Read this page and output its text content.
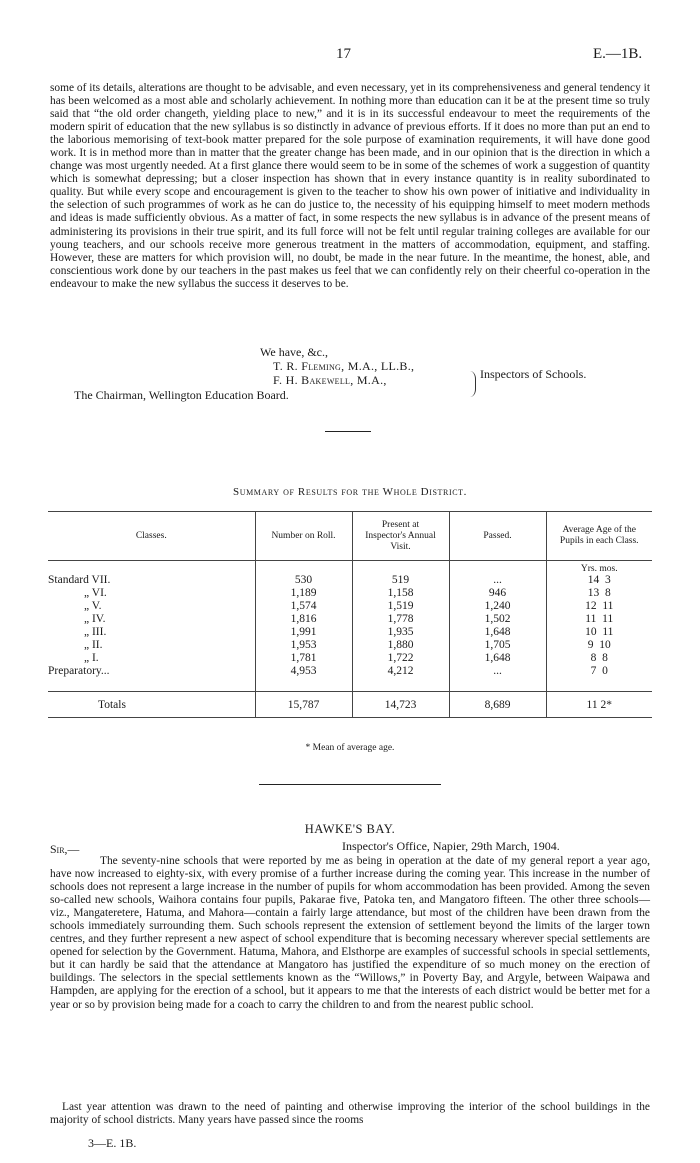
17	E.—1B.

some of its details, alterations are thought to be advisable, and even necessary, yet in its comprehensiveness and general tendency it has been welcomed as a most able and scholarly achievement. In nothing more than education can it be at the present time so truly said that “the old order changeth, yielding place to new,” and it is in its successful endeavour to meet the requirements of the modern spirit of education that the new syllabus is so distinctly in advance of previous efforts. If it does no more than put an end to the laborious memorising of text-book matter prepared for the sole purpose of examination requirements, it will have done good work. It is in method more than in matter that the greater change has been made, and in our opinion that is the direction in which a change was most urgently needed. At a first glance there would seem to be in some of the schemes of work a suggestion of quantity which is somewhat depressing; but a closer inspection has shown that in every instance quantity is in reality subordinated to quality. But while every scope and encouragement is given to the teacher to show his own power of initiative and individuality in the selection of such programmes of work as he can do justice to, the necessity of his equipping himself to meet modern methods and ideas is made sufficiently obvious. As a matter of fact, in some respects the new syllabus is in advance of the present means of administering its provisions in their true spirit, and its full force will not be felt until regular training colleges are available for our young teachers, and our schools receive more generous treatment in the matters of accommodation, equipment, and staffing. However, these are matters for which provision will, no doubt, be made in the near future. In the meantime, the honest, able, and conscientious work done by our teachers in the past makes us feel that we can confidently rely on their cheerful co-operation in the endeavour to make the new syllabus the success it deserves to be.

We have, &c.,
T. R. Fleming, M.A., LL.B.,
F. H. Bakewell, M.A.,	Inspectors of Schools.
The Chairman, Wellington Education Board.
Summary of Results for the Whole District.
Classes.	Number on Roll.	Present at Inspector's Annual Visit.	Passed.	Average Age of the Pupils in each Class.
				Yrs. mos.
Standard VII.	530	519	...	14 3
„ VI.	1,189	1,158	946	13 8
„ V.	1,574	1,519	1,240	12 11
„ IV.	1,816	1,778	1,502	11 11
„ III.	1,991	1,935	1,648	10 11
„ II.	1,953	1,880	1,705	9 10
„ I.	1,781	1,722	1,648	8 8
Preparatory...	4,953	4,212	...	7 0

Totals	15,787	14,723	8,689	11 2*
* Mean of average age.
HAWKE'S BAY.
Sir,—	Inspector's Office, Napier, 29th March, 1904.

The seventy-nine schools that were reported by me as being in operation at the date of my general report a year ago, have now increased to eighty-six, with every promise of a further increase during the coming year. This increase in the number of schools does not represent a large increase in the number of pupils for whom accommodation has been provided. Among the seven so-called new schools, Waihora contains four pupils, Pakarae five, Patoka ten, and Mangatoro fifteen. The other three schools—viz., Mangateretere, Hatuma, and Mahora—contain a fairly large attendance, but most of the children have been drawn from the schools immediately surrounding them. Such schools represent the extension of settlement beyond the limits of the larger town centres, and they further represent a new aspect of school expenditure that is becoming necessary wherever special settlements are opened for selection by the Government. Hatuma, Mahora, and Elsthorpe are examples of successful schools in special settlements, but it can hardly be said that the attendance at Mangatoro has justified the expenditure of so much money on the erection of buildings. The selectors in the special settlements known as the “Willows,” in Poverty Bay, and Argyle, between Waipawa and Hampden, are applying for the erection of a school, but it appears to me that the interests of each district would be better met for a year or so by provision being made for a coach to carry the children to and from the nearest public school.

Last year attention was drawn to the need of painting and otherwise improving the interior of the school buildings in the majority of school districts. Many years have passed since the rooms

3—E. 1B.
